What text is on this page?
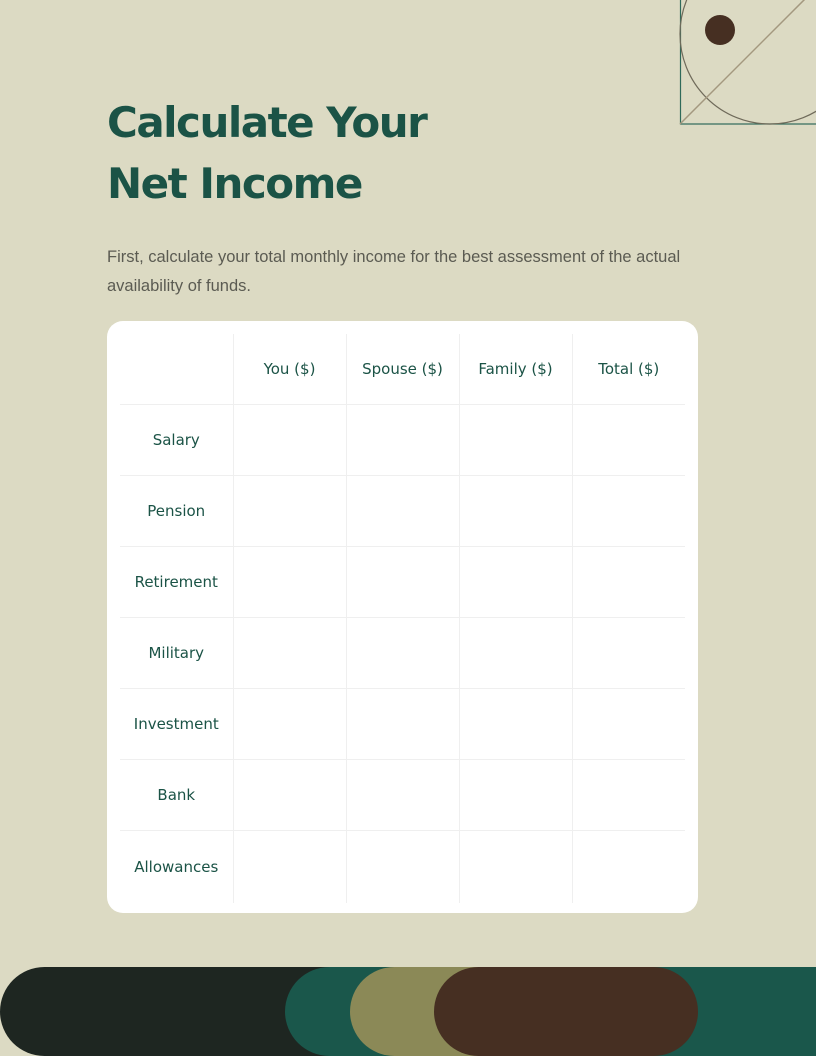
Calculate Your
Net Income

First, calculate your total monthly income for the best assessment of the actual availability of funds.

	You ($)	Spouse ($)	Family ($)	Total ($)
Salary				
Pension				
Retirement				
Military				
Investment				
Bank				
Allowances				
